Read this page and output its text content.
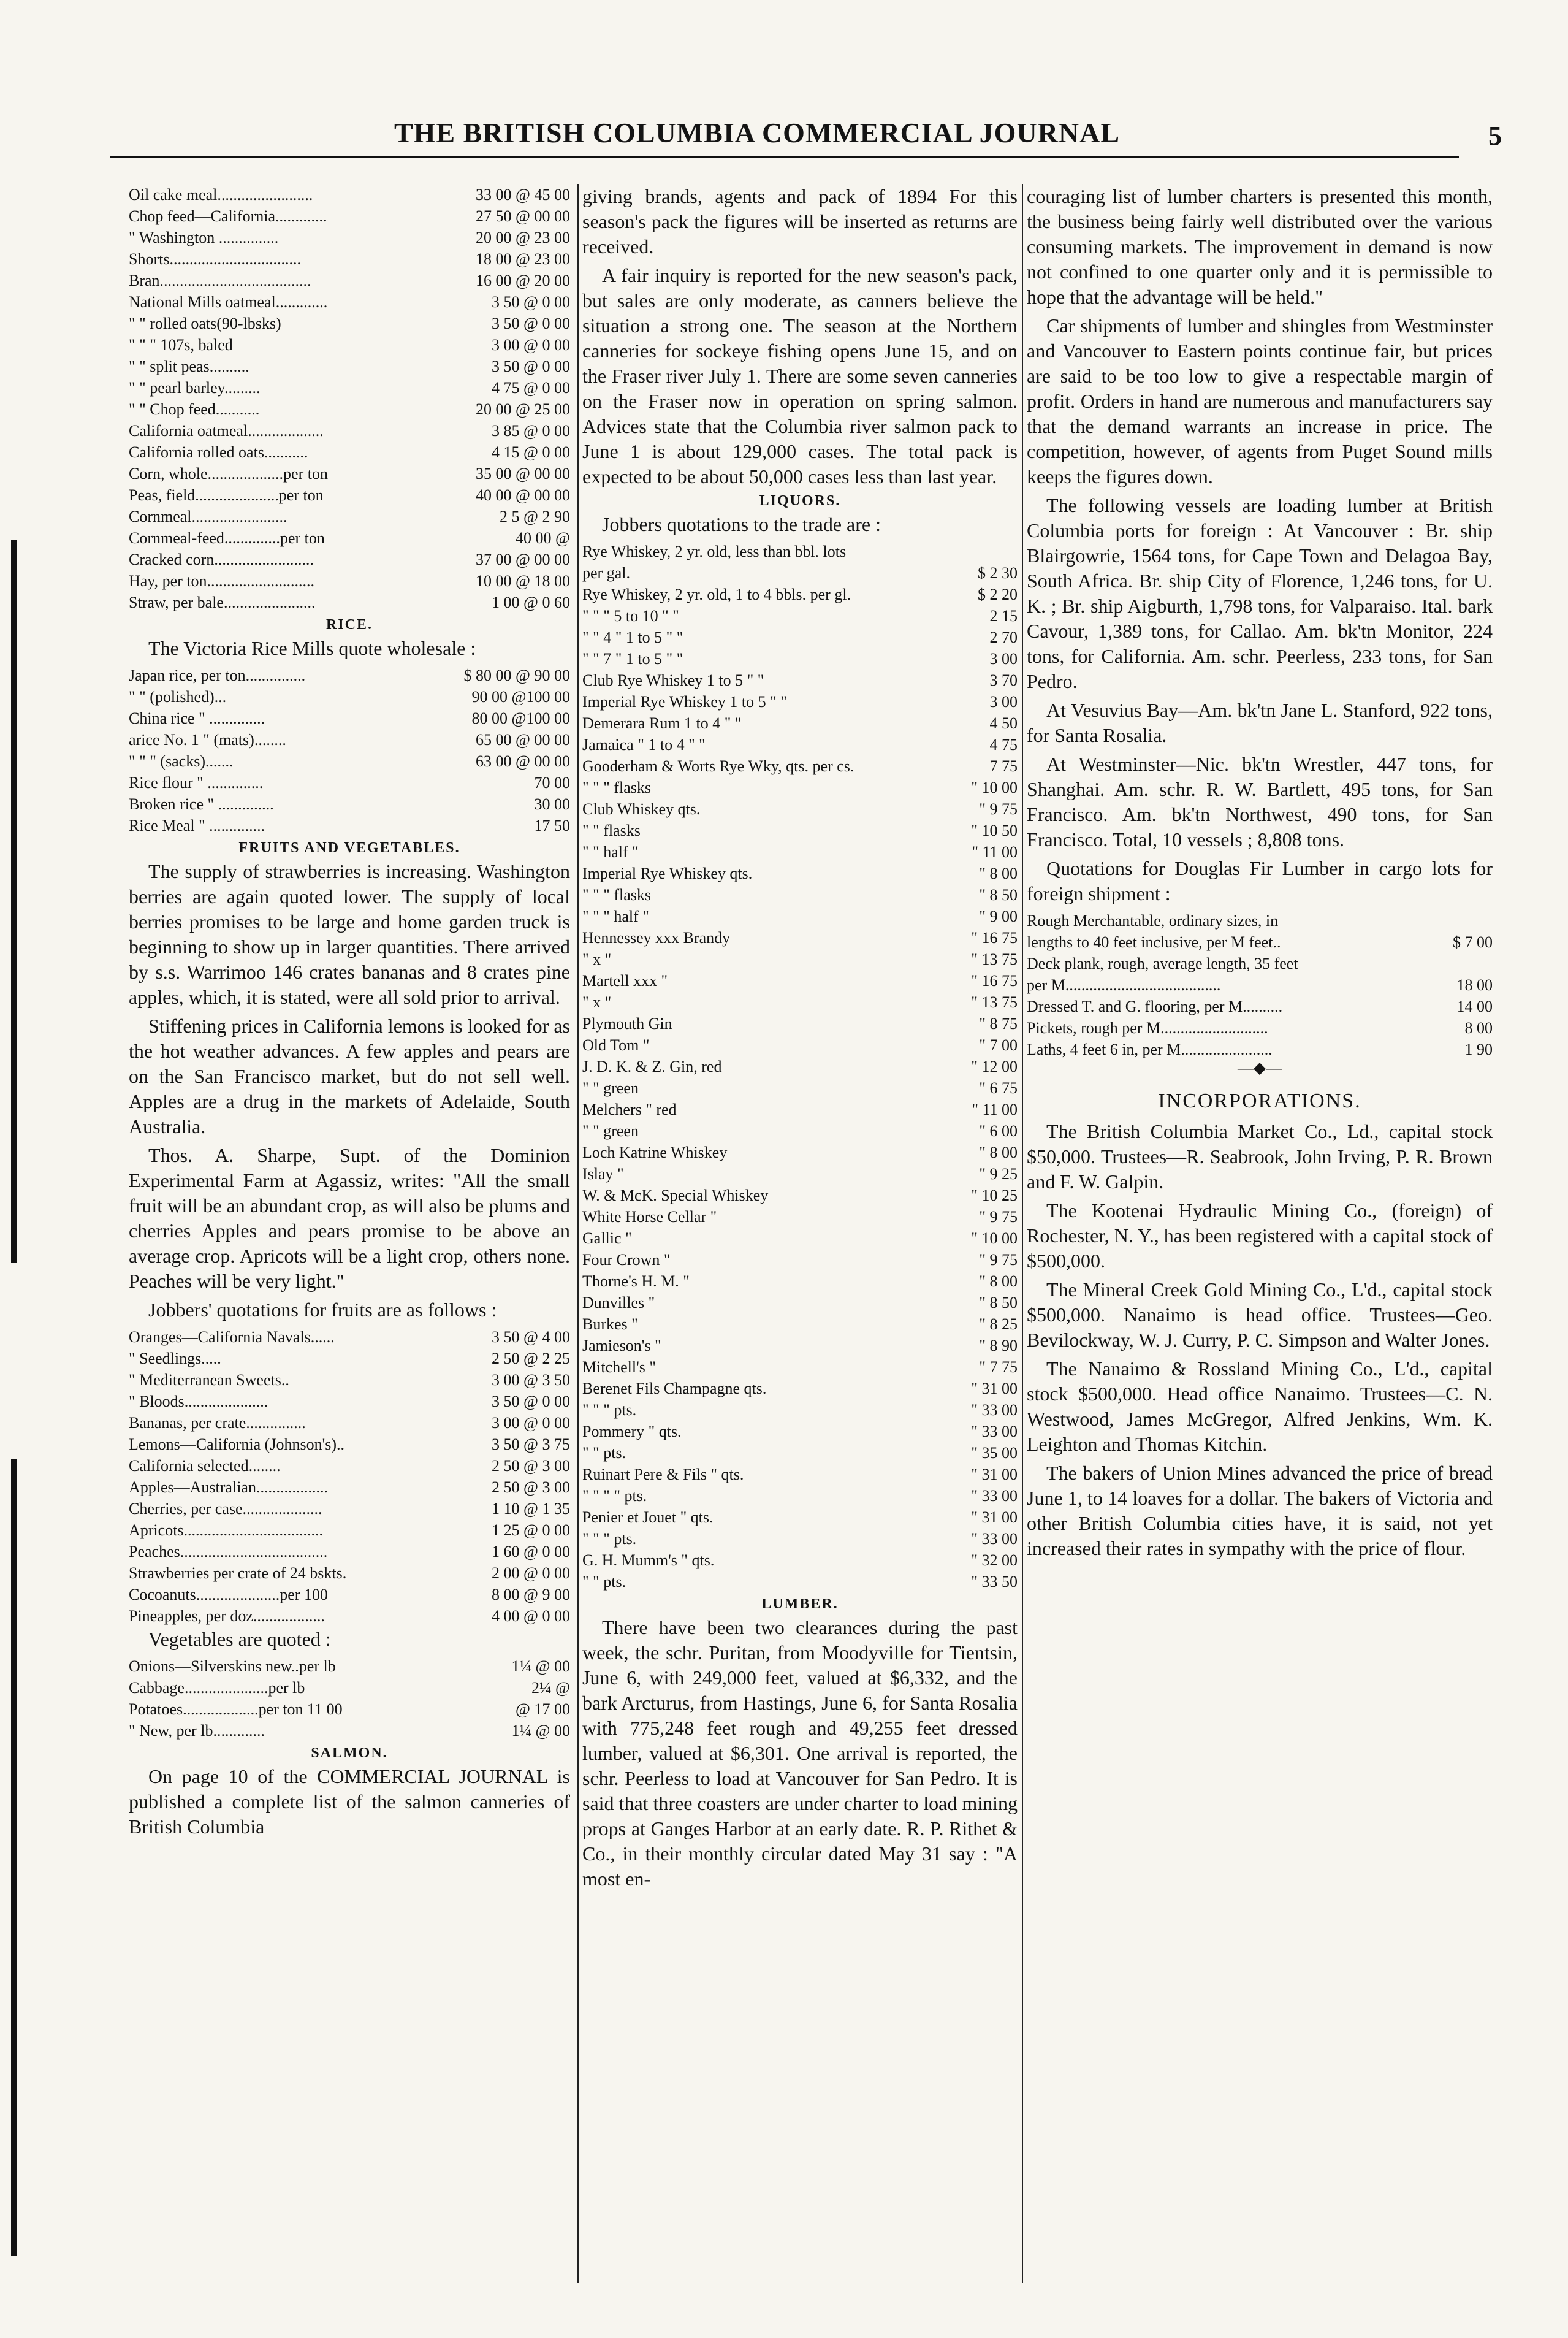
THE BRITISH COLUMBIA COMMERCIAL JOURNAL	5
Oil cake meal........................	33 00 @ 45 00
Chop feed—California.............	27 50 @ 00 00
" Washington ...............	20 00 @ 23 00
Shorts.................................	18 00 @ 23 00
Bran......................................	16 00 @ 20 00
National Mills oatmeal.............	3 50 @ 0 00
" " rolled oats(90-lbsks)	3 50 @ 0 00
" " " 107s, baled	3 00 @ 0 00
" " split peas..........	3 50 @ 0 00
" " pearl barley.........	4 75 @ 0 00
" " Chop feed...........	20 00 @ 25 00
California oatmeal...................	3 85 @ 0 00
California rolled oats...........	4 15 @ 0 00
Corn, whole...................per ton	35 00 @ 00 00
Peas, field.....................per ton	40 00 @ 00 00
Cornmeal........................	2 5 @ 2 90
Cornmeal-feed..............per ton	40 00 @
Cracked corn.........................	37 00 @ 00 00
Hay, per ton...........................	10 00 @ 18 00
Straw, per bale.......................	1 00 @ 0 60
RICE.

The Victoria Rice Mills quote wholesale :

Japan rice, per ton...............	$ 80 00 @ 90 00
" " (polished)...	90 00 @100 00
China rice " ..............	80 00 @100 00
arice No. 1 " (mats)........	65 00 @ 00 00
" " " (sacks).......	63 00 @ 00 00
Rice flour " ..............	70 00
Broken rice " ..............	30 00
Rice Meal " ..............	17 50
FRUITS AND VEGETABLES.

The supply of strawberries is increasing. Washington berries are again quoted lower. The supply of local berries promises to be large and home garden truck is beginning to show up in larger quantities. There arrived by s.s. Warrimoo 146 crates bananas and 8 crates pine apples, which, it is stated, were all sold prior to arrival.

Stiffening prices in California lemons is looked for as the hot weather advances. A few apples and pears are on the San Francisco market, but do not sell well. Apples are a drug in the markets of Adelaide, South Australia.

Thos. A. Sharpe, Supt. of the Dominion Experimental Farm at Agassiz, writes: "All the small fruit will be an abundant crop, as will also be plums and cherries Apples and pears promise to be above an average crop. Apricots will be a light crop, others none. Peaches will be very light."

Jobbers' quotations for fruits are as follows :

Oranges—California Navals......	3 50 @ 4 00
" Seedlings.....	2 50 @ 2 25
" Mediterranean Sweets..	3 00 @ 3 50
" Bloods.....................	3 50 @ 0 00
Bananas, per crate...............	3 00 @ 0 00
Lemons—California (Johnson's)..	3 50 @ 3 75
California selected........	2 50 @ 3 00
Apples—Australian..................	2 50 @ 3 00
Cherries, per case....................	1 10 @ 1 35
Apricots...................................	1 25 @ 0 00
Peaches.....................................	1 60 @ 0 00
Strawberries per crate of 24 bskts.	2 00 @ 0 00
Cocoanuts.....................per 100	8 00 @ 9 00
Pineapples, per doz..................	4 00 @ 0 00

Vegetables are quoted :

Onions—Silverskins new..per lb	1¼ @ 00
Cabbage.....................per lb	2¼ @
Potatoes...................per ton 11 00	@ 17 00
" New, per lb.............	1¼ @ 00
SALMON.

On page 10 of the COMMERCIAL JOURNAL is published a complete list of the salmon canneries of British Columbia

giving brands, agents and pack of 1894 For this season's pack the figures will be inserted as returns are received.

A fair inquiry is reported for the new season's pack, but sales are only moderate, as canners believe the situation a strong one. The season at the Northern canneries for sockeye fishing opens June 15, and on the Fraser river July 1. There are some seven canneries on the Fraser now in operation on spring salmon. Advices state that the Columbia river salmon pack to June 1 is about 129,000 cases. The total pack is expected to be about 50,000 cases less than last year.

LIQUORS.

Jobbers quotations to the trade are :

Rye Whiskey, 2 yr. old, less than bbl. lots
per gal.	$ 2 30
Rye Whiskey, 2 yr. old, 1 to 4 bbls. per gl.	$ 2 20
" " " 5 to 10 " "	2 15
" " 4 " 1 to 5 " "	2 70
" " 7 " 1 to 5 " "	3 00
Club Rye Whiskey 1 to 5 " "	3 70
Imperial Rye Whiskey 1 to 5 " "	3 00
Demerara Rum 1 to 4 " "	4 50
Jamaica " 1 to 4 " "	4 75
Gooderham & Worts Rye Wky, qts. per cs.	7 75
" " " flasks	" 10 00
Club Whiskey qts.	" 9 75
" " flasks	" 10 50
" " half "	" 11 00
Imperial Rye Whiskey qts.	" 8 00
" " " flasks	" 8 50
" " " half "	" 9 00
Hennessey xxx Brandy	" 16 75
" x "	" 13 75
Martell xxx "	" 16 75
" x "	" 13 75
Plymouth Gin	" 8 75
Old Tom "	" 7 00
J. D. K. & Z. Gin, red	" 12 00
" " green	" 6 75
Melchers " red	" 11 00
" " green	" 6 00
Loch Katrine Whiskey	" 8 00
Islay "	" 9 25
W. & McK. Special Whiskey	" 10 25
White Horse Cellar "	" 9 75
Gallic "	" 10 00
Four Crown "	" 9 75
Thorne's H. M. "	" 8 00
Dunvilles "	" 8 50
Burkes "	" 8 25
Jamieson's "	" 8 90
Mitchell's "	" 7 75
Berenet Fils Champagne qts.	" 31 00
" " " pts.	" 33 00
Pommery " qts.	" 33 00
" " pts.	" 35 00
Ruinart Pere & Fils " qts.	" 31 00
" " " " pts.	" 33 00
Penier et Jouet " qts.	" 31 00
" " " pts.	" 33 00
G. H. Mumm's " qts.	" 32 00
" " pts.	" 33 50
LUMBER.

There have been two clearances during the past week, the schr. Puritan, from Moodyville for Tientsin, June 6, with 249,000 feet, valued at $6,332, and the bark Arcturus, from Hastings, June 6, for Santa Rosalia with 775,248 feet rough and 49,255 feet dressed lumber, valued at $6,301. One arrival is reported, the schr. Peerless to load at Vancouver for San Pedro. It is said that three coasters are under charter to load mining props at Ganges Harbor at an early date. R. P. Rithet & Co., in their monthly circular dated May 31 say : "A most en-

couraging list of lumber charters is presented this month, the business being fairly well distributed over the various consuming markets. The improvement in demand is now not confined to one quarter only and it is permissible to hope that the advantage will be held."

Car shipments of lumber and shingles from Westminster and Vancouver to Eastern points continue fair, but prices are said to be too low to give a respectable margin of profit. Orders in hand are numerous and manufacturers say that the demand warrants an increase in price. The competition, however, of agents from Puget Sound mills keeps the figures down.

The following vessels are loading lumber at British Columbia ports for foreign : At Vancouver : Br. ship Blairgowrie, 1564 tons, for Cape Town and Delagoa Bay, South Africa. Br. ship City of Florence, 1,246 tons, for U. K. ; Br. ship Aigburth, 1,798 tons, for Valparaiso. Ital. bark Cavour, 1,389 tons, for Callao. Am. bk'tn Monitor, 224 tons, for California. Am. schr. Peerless, 233 tons, for San Pedro.

At Vesuvius Bay—Am. bk'tn Jane L. Stanford, 922 tons, for Santa Rosalia.

At Westminster—Nic. bk'tn Wrestler, 447 tons, for Shanghai. Am. schr. R. W. Bartlett, 495 tons, for San Francisco. Am. bk'tn Northwest, 490 tons, for San Francisco. Total, 10 vessels ; 8,808 tons.

Quotations for Douglas Fir Lumber in cargo lots for foreign shipment :

Rough Merchantable, ordinary sizes, in
lengths to 40 feet inclusive, per M feet..	$ 7 00
Deck plank, rough, average length, 35 feet
per M.......................................	18 00
Dressed T. and G. flooring, per M..........	14 00
Pickets, rough per M...........................	8 00
Laths, 4 feet 6 in, per M.......................	1 90
—◆—
INCORPORATIONS.

The British Columbia Market Co., Ld., capital stock $50,000. Trustees—R. Seabrook, John Irving, P. R. Brown and F. W. Galpin.

The Kootenai Hydraulic Mining Co., (foreign) of Rochester, N. Y., has been registered with a capital stock of $500,000.

The Mineral Creek Gold Mining Co., L'd., capital stock $500,000. Nanaimo is head office. Trustees—Geo. Bevilockway, W. J. Curry, P. C. Simpson and Walter Jones.

The Nanaimo & Rossland Mining Co., L'd., capital stock $500,000. Head office Nanaimo. Trustees—C. N. Westwood, James McGregor, Alfred Jenkins, Wm. K. Leighton and Thomas Kitchin.

The bakers of Union Mines advanced the price of bread June 1, to 14 loaves for a dollar. The bakers of Victoria and other British Columbia cities have, it is said, not yet increased their rates in sympathy with the price of flour.
